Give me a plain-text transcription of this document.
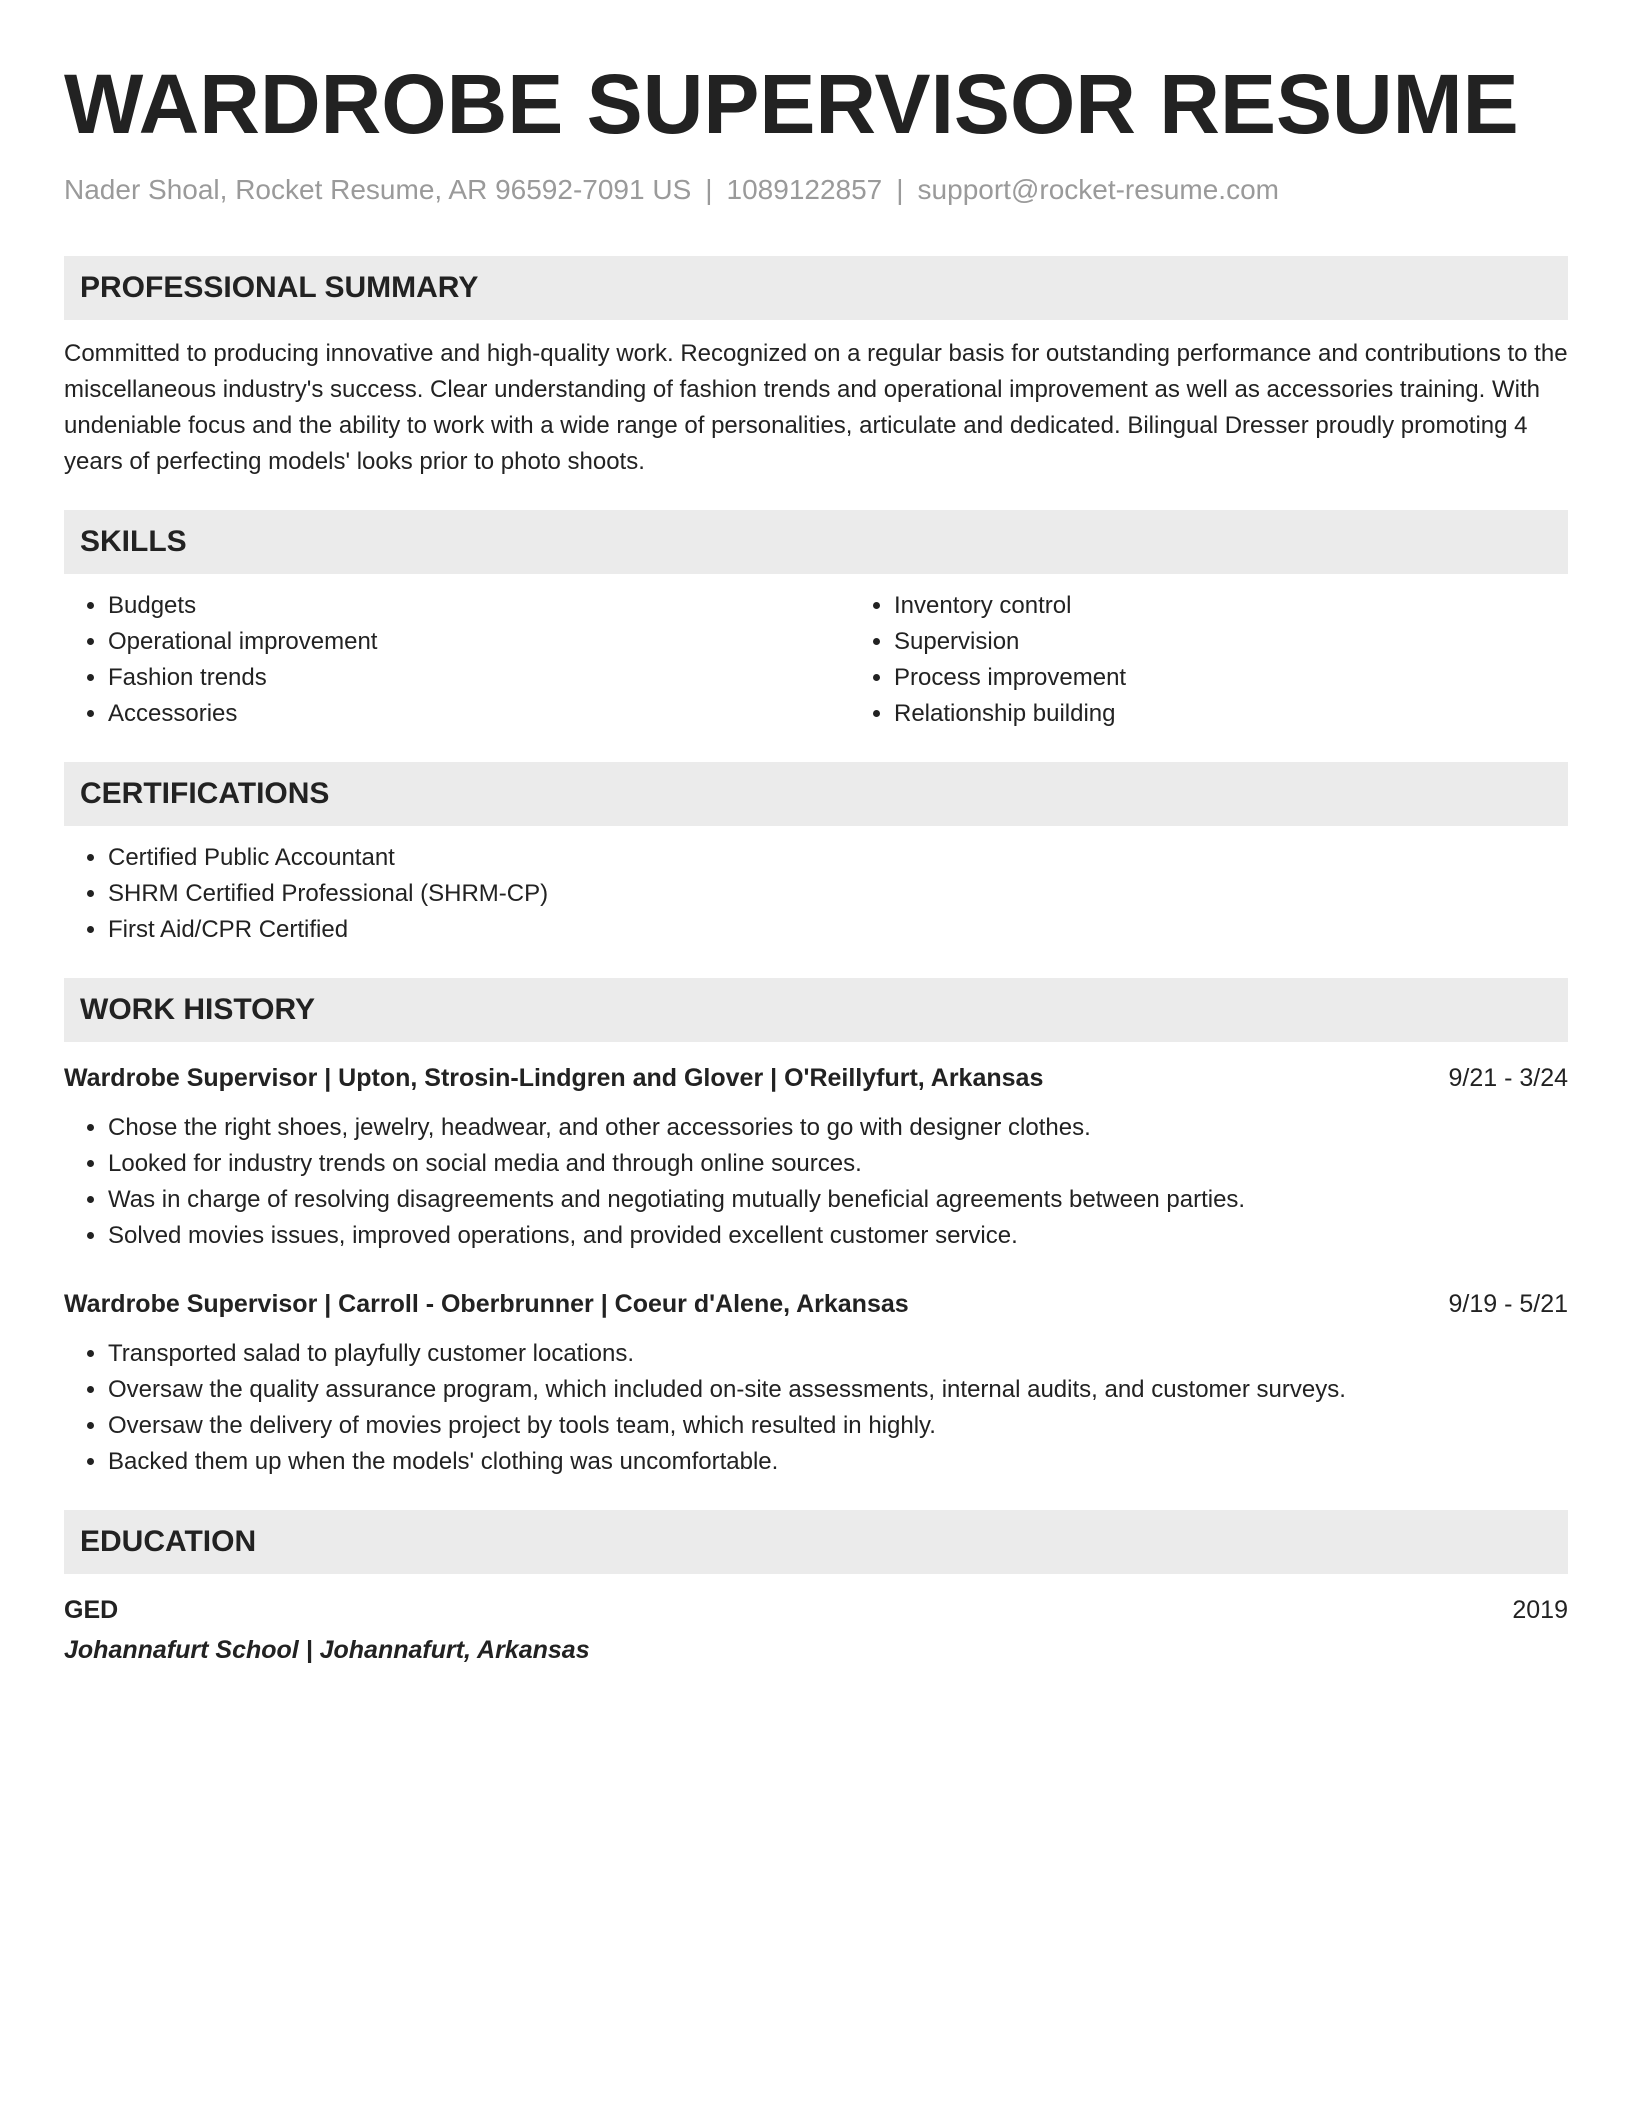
WARDROBE SUPERVISOR RESUME
Nader Shoal, Rocket Resume, AR 96592-7091 US | 1089122857 | support@rocket-resume.com
PROFESSIONAL SUMMARY

Committed to producing innovative and high-quality work. Recognized on a regular basis for outstanding performance and contributions to the miscellaneous industry's success. Clear understanding of fashion trends and operational improvement as well as accessories training. With undeniable focus and the ability to work with a wide range of personalities, articulate and dedicated. Bilingual Dresser proudly promoting 4 years of perfecting models' looks prior to photo shoots.

SKILLS
• Budgets
• Operational improvement
• Fashion trends
• Accessories
• Inventory control
• Supervision
• Process improvement
• Relationship building
CERTIFICATIONS
• Certified Public Accountant
• SHRM Certified Professional (SHRM-CP)
• First Aid/CPR Certified
WORK HISTORY
Wardrobe Supervisor | Upton, Strosin-Lindgren and Glover | O'Reillyfurt, Arkansas	9/21 - 3/24
• Chose the right shoes, jewelry, headwear, and other accessories to go with designer clothes.
• Looked for industry trends on social media and through online sources.
• Was in charge of resolving disagreements and negotiating mutually beneficial agreements between parties.
• Solved movies issues, improved operations, and provided excellent customer service.
Wardrobe Supervisor | Carroll - Oberbrunner | Coeur d'Alene, Arkansas	9/19 - 5/21
• Transported salad to playfully customer locations.
• Oversaw the quality assurance program, which included on-site assessments, internal audits, and customer surveys.
• Oversaw the delivery of movies project by tools team, which resulted in highly.
• Backed them up when the models' clothing was uncomfortable.
EDUCATION
GED	2019
Johannafurt School | Johannafurt, Arkansas
